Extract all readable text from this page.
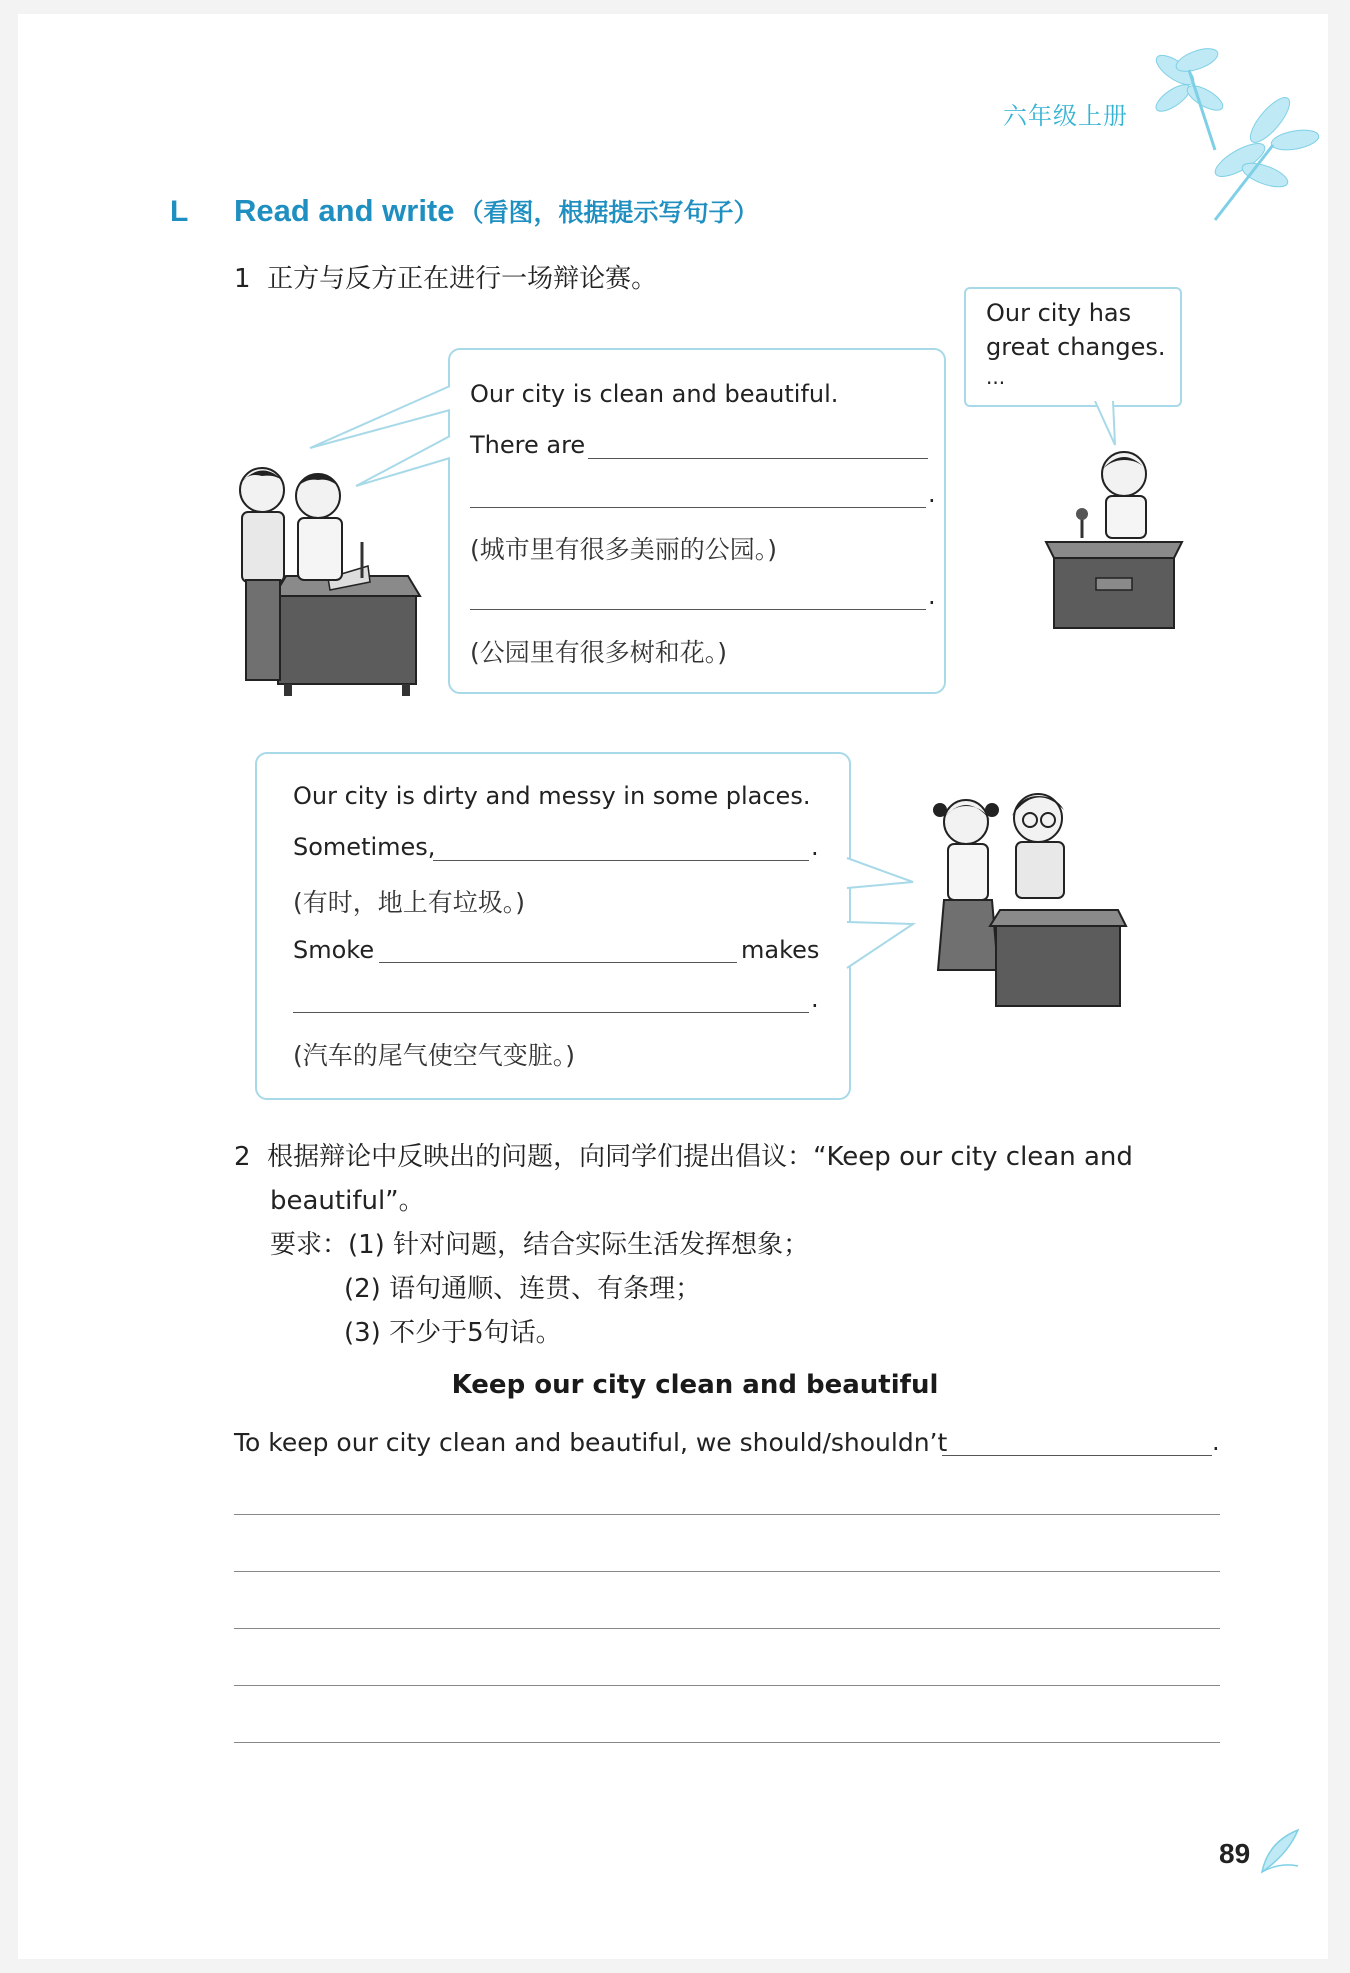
六年级上册
L Read and write （看图，根据提示写句子）
1 正方与反方正在进行一场辩论赛。
Our city has
great changes.
...
Our city is clean and beautiful.
There are
.
(城市里有很多美丽的公园。)
.
(公园里有很多树和花。)
Our city is dirty and messy in some places.
Sometimes,	.
(有时，地上有垃圾。)
Smoke	makes
.
(汽车的尾气使空气变脏。)
2 根据辩论中反映出的问题，向同学们提出倡议：“Keep our city clean and
beautiful”。
要求：(1) 针对问题，结合实际生活发挥想象；
(2) 语句通顺、连贯、有条理；
(3) 不少于5句话。
Keep our city clean and beautiful
To keep our city clean and beautiful, we should/shouldn’t	.
89
